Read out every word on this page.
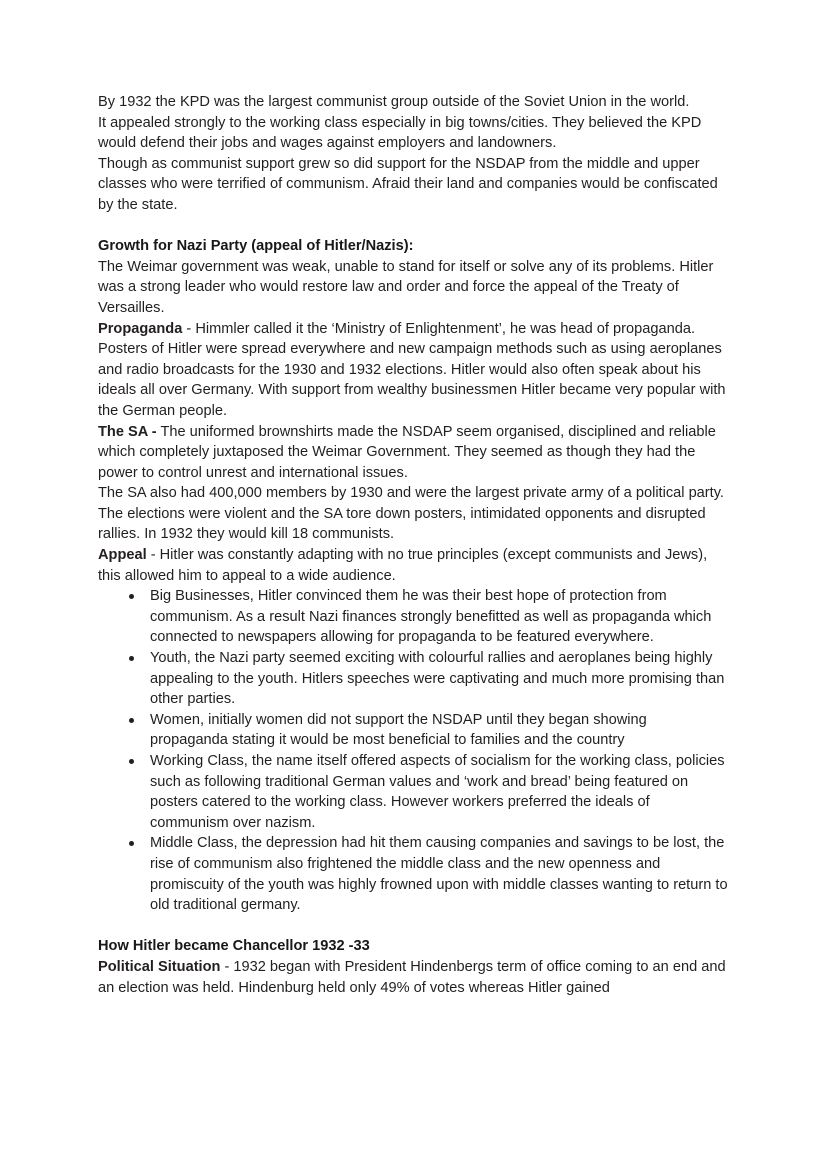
By 1932 the KPD was the largest communist group outside of the Soviet Union in the world.

It appealed strongly to the working class especially in big towns/cities. They believed the KPD would defend their jobs and wages against employers and landowners.

Though as communist support grew so did support for the NSDAP from the middle and upper classes who were terrified of communism. Afraid their land and companies would be confiscated by the state.

Growth for Nazi Party (appeal of Hitler/Nazis):

The Weimar government was weak, unable to stand for itself or solve any of its problems. Hitler was a strong leader who would restore law and order and force the appeal of the Treaty of Versailles.

Propaganda - Himmler called it the ‘Ministry of Enlightenment’, he was head of propaganda. Posters of Hitler were spread everywhere and new campaign methods such as using aeroplanes and radio broadcasts for the 1930 and 1932 elections. Hitler would also often speak about his ideals all over Germany. With support from wealthy businessmen Hitler became very popular with the German people.

The SA - The uniformed brownshirts made the NSDAP seem organised, disciplined and reliable which completely juxtaposed the Weimar Government. They seemed as though they had the power to control unrest and international issues.

The SA also had 400,000 members by 1930 and were the largest private army of a political party. The elections were violent and the SA tore down posters, intimidated opponents and disrupted rallies. In 1932 they would kill 18 communists.

Appeal - Hitler was constantly adapting with no true principles (except communists and Jews), this allowed him to appeal to a wide audience.

Big Businesses, Hitler convinced them he was their best hope of protection from communism. As a result Nazi finances strongly benefitted as well as propaganda which connected to newspapers allowing for propaganda to be featured everywhere.
Youth, the Nazi party seemed exciting with colourful rallies and aeroplanes being highly appealing to the youth. Hitlers speeches were captivating and much more promising than other parties.
Women, initially women did not support the NSDAP until they began showing propaganda stating it would be most beneficial to families and the country
Working Class, the name itself offered aspects of socialism for the working class, policies such as following traditional German values and ‘work and bread’ being featured on posters catered to the working class. However workers preferred the ideals of communism over nazism.
Middle Class, the depression had hit them causing companies and savings to be lost, the rise of communism also frightened the middle class and the new openness and promiscuity of the youth was highly frowned upon with middle classes wanting to return to old traditional germany.

How Hitler became Chancellor 1932 -33

Political Situation - 1932 began with President Hindenbergs term of office coming to an end and an election was held. Hindenburg held only 49% of votes whereas Hitler gained
